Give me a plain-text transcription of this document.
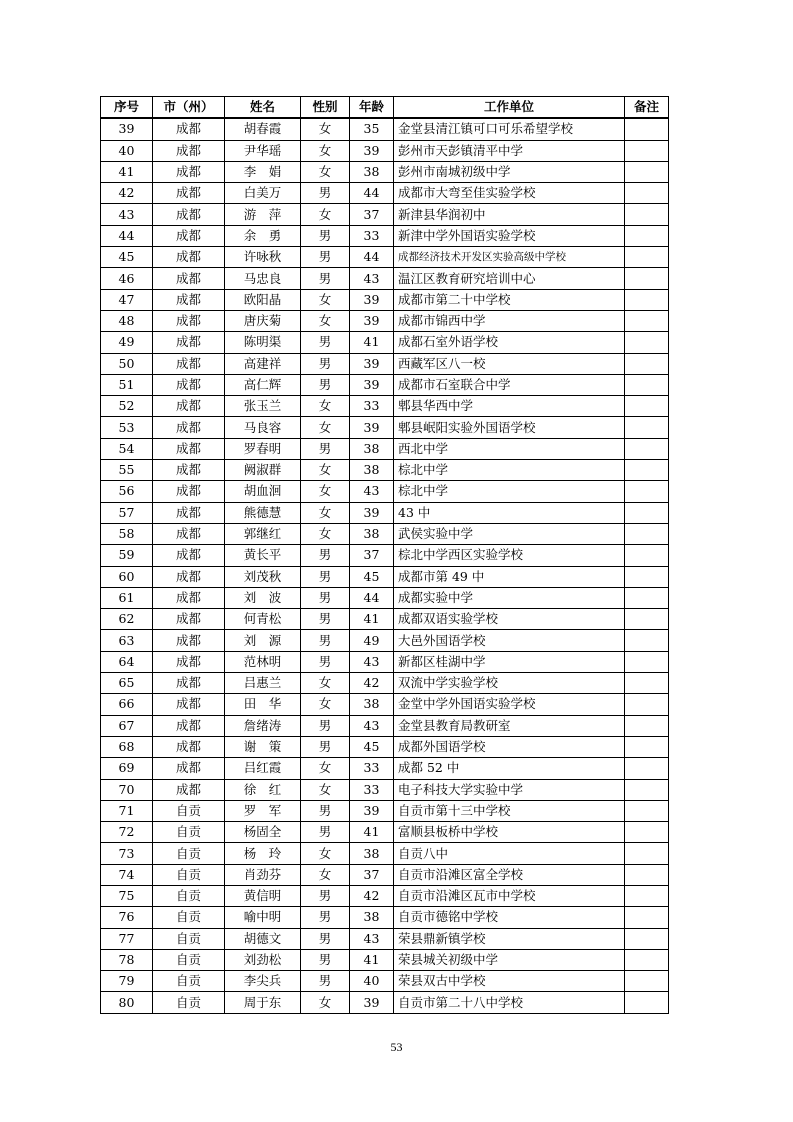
序号	市（州）	姓名	性别	年龄	工作单位	备注
39	成都	胡春霞	女	35	金堂县清江镇可口可乐希望学校	
40	成都	尹华瑶	女	39	彭州市天彭镇清平中学	
41	成都	李　娟	女	38	彭州市南城初级中学	
42	成都	白美万	男	44	成都市大弯至佳实验学校	
43	成都	游　萍	女	37	新津县华润初中	
44	成都	余　勇	男	33	新津中学外国语实验学校	
45	成都	许咏秋	男	44	成都经济技术开发区实验高级中学校	
46	成都	马忠良	男	43	温江区教育研究培训中心	
47	成都	欧阳晶	女	39	成都市第二十中学校	
48	成都	唐庆菊	女	39	成都市锦西中学	
49	成都	陈明渠	男	41	成都石室外语学校	
50	成都	高建祥	男	39	西藏军区八一校	
51	成都	高仁辉	男	39	成都市石室联合中学	
52	成都	张玉兰	女	33	郫县华西中学	
53	成都	马良容	女	39	郫县岷阳实验外国语学校	
54	成都	罗春明	男	38	西北中学	
55	成都	阙淑群	女	38	棕北中学	
56	成都	胡血洄	女	43	棕北中学	
57	成都	熊德慧	女	39	43 中	
58	成都	郭继红	女	38	武侯实验中学	
59	成都	黄长平	男	37	棕北中学西区实验学校	
60	成都	刘茂秋	男	45	成都市第 49 中	
61	成都	刘　波	男	44	成都实验中学	
62	成都	何青松	男	41	成都双语实验学校	
63	成都	刘　源	男	49	大邑外国语学校	
64	成都	范林明	男	43	新都区桂湖中学	
65	成都	吕惠兰	女	42	双流中学实验学校	
66	成都	田　华	女	38	金堂中学外国语实验学校	
67	成都	詹绪涛	男	43	金堂县教育局教研室	
68	成都	谢　策	男	45	成都外国语学校	
69	成都	吕红霞	女	33	成都 52 中	
70	成都	徐　红	女	33	电子科技大学实验中学	
71	自贡	罗　军	男	39	自贡市第十三中学校	
72	自贡	杨固全	男	41	富顺县板桥中学校	
73	自贡	杨　玲	女	38	自贡八中	
74	自贡	肖劲芬	女	37	自贡市沿滩区富全学校	
75	自贡	黄信明	男	42	自贡市沿滩区瓦市中学校	
76	自贡	喻中明	男	38	自贡市德铭中学校	
77	自贡	胡德文	男	43	荣县鼎新镇学校	
78	自贡	刘劲松	男	41	荣县城关初级中学	
79	自贡	李尖兵	男	40	荣县双古中学校	
80	自贡	周于东	女	39	自贡市第二十八中学校	
53
